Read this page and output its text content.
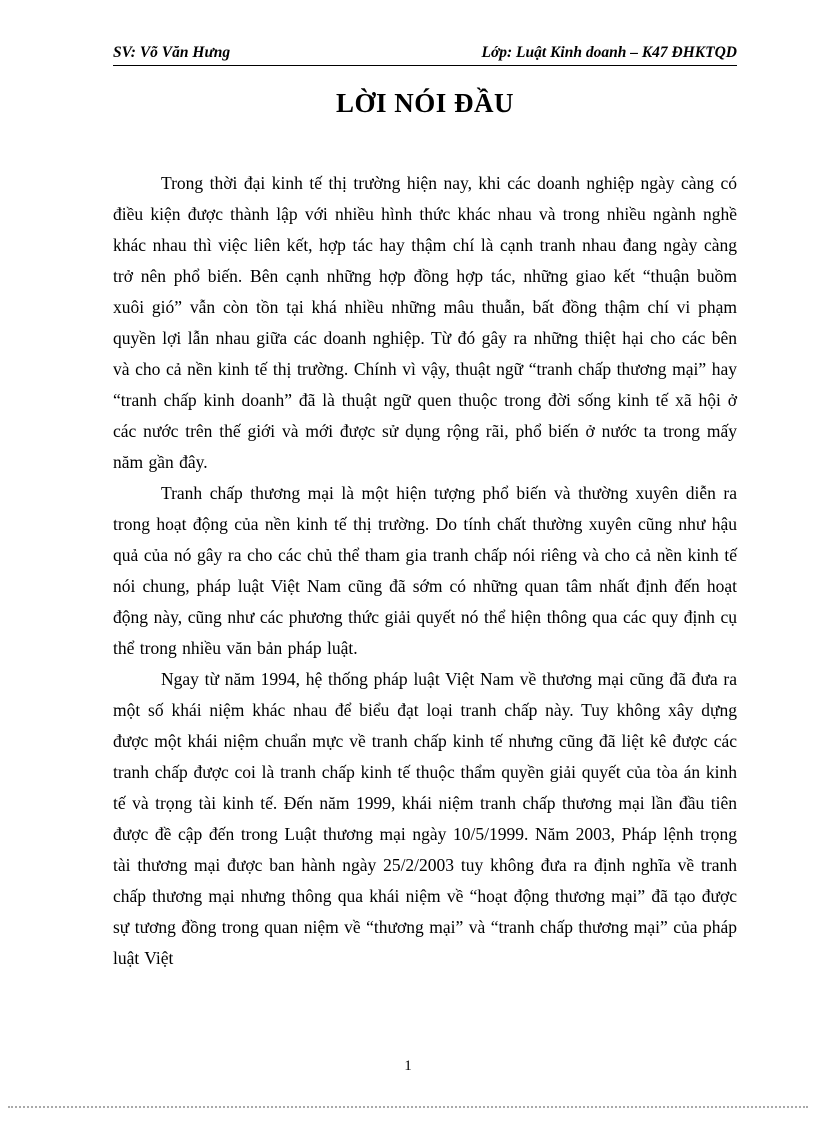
SV: Võ Văn Hưng	Lớp: Luật Kinh doanh – K47 ĐHKTQD
LỜI NÓI ĐẦU

Trong thời đại kinh tế thị trường hiện nay, khi các doanh nghiệp ngày càng có điều kiện được thành lập với nhiều hình thức khác nhau và trong nhiều ngành nghề khác nhau thì việc liên kết, hợp tác hay thậm chí là cạnh tranh nhau đang ngày càng trở nên phổ biến. Bên cạnh những hợp đồng hợp tác, những giao kết “thuận buồm xuôi gió” vẫn còn tồn tại khá nhiều những mâu thuẫn, bất đồng thậm chí vi phạm quyền lợi lẫn nhau giữa các doanh nghiệp. Từ đó gây ra những thiệt hại cho các bên và cho cả nền kinh tế thị trường. Chính vì vậy, thuật ngữ “tranh chấp thương mại” hay “tranh chấp kinh doanh” đã là thuật ngữ quen thuộc trong đời sống kinh tế xã hội ở các nước trên thế giới và mới được sử dụng rộng rãi, phổ biến ở nước ta trong mấy năm gần đây.

Tranh chấp thương mại là một hiện tượng phổ biến và thường xuyên diễn ra trong hoạt động của nền kinh tế thị trường. Do tính chất thường xuyên cũng như hậu quả của nó gây ra cho các chủ thể tham gia tranh chấp nói riêng và cho cả nền kinh tế nói chung, pháp luật Việt Nam cũng đã sớm có những quan tâm nhất định đến hoạt động này, cũng như các phương thức giải quyết nó thể hiện thông qua các quy định cụ thể trong nhiều văn bản pháp luật.

Ngay từ năm 1994, hệ thống pháp luật Việt Nam về thương mại cũng đã đưa ra một số khái niệm khác nhau để biểu đạt loại tranh chấp này. Tuy không xây dựng được một khái niệm chuẩn mực về tranh chấp kinh tế nhưng cũng đã liệt kê được các tranh chấp được coi là tranh chấp kinh tế thuộc thẩm quyền giải quyết của tòa án kinh tế và trọng tài kinh tế. Đến năm 1999, khái niệm tranh chấp thương mại lần đầu tiên được đề cập đến trong Luật thương mại ngày 10/5/1999. Năm 2003, Pháp lệnh trọng tài thương mại được ban hành ngày 25/2/2003 tuy không đưa ra định nghĩa về tranh chấp thương mại nhưng thông qua khái niệm về “hoạt động thương mại” đã tạo được sự tương đồng trong quan niệm về “thương mại” và “tranh chấp thương mại” của pháp luật Việt

1
